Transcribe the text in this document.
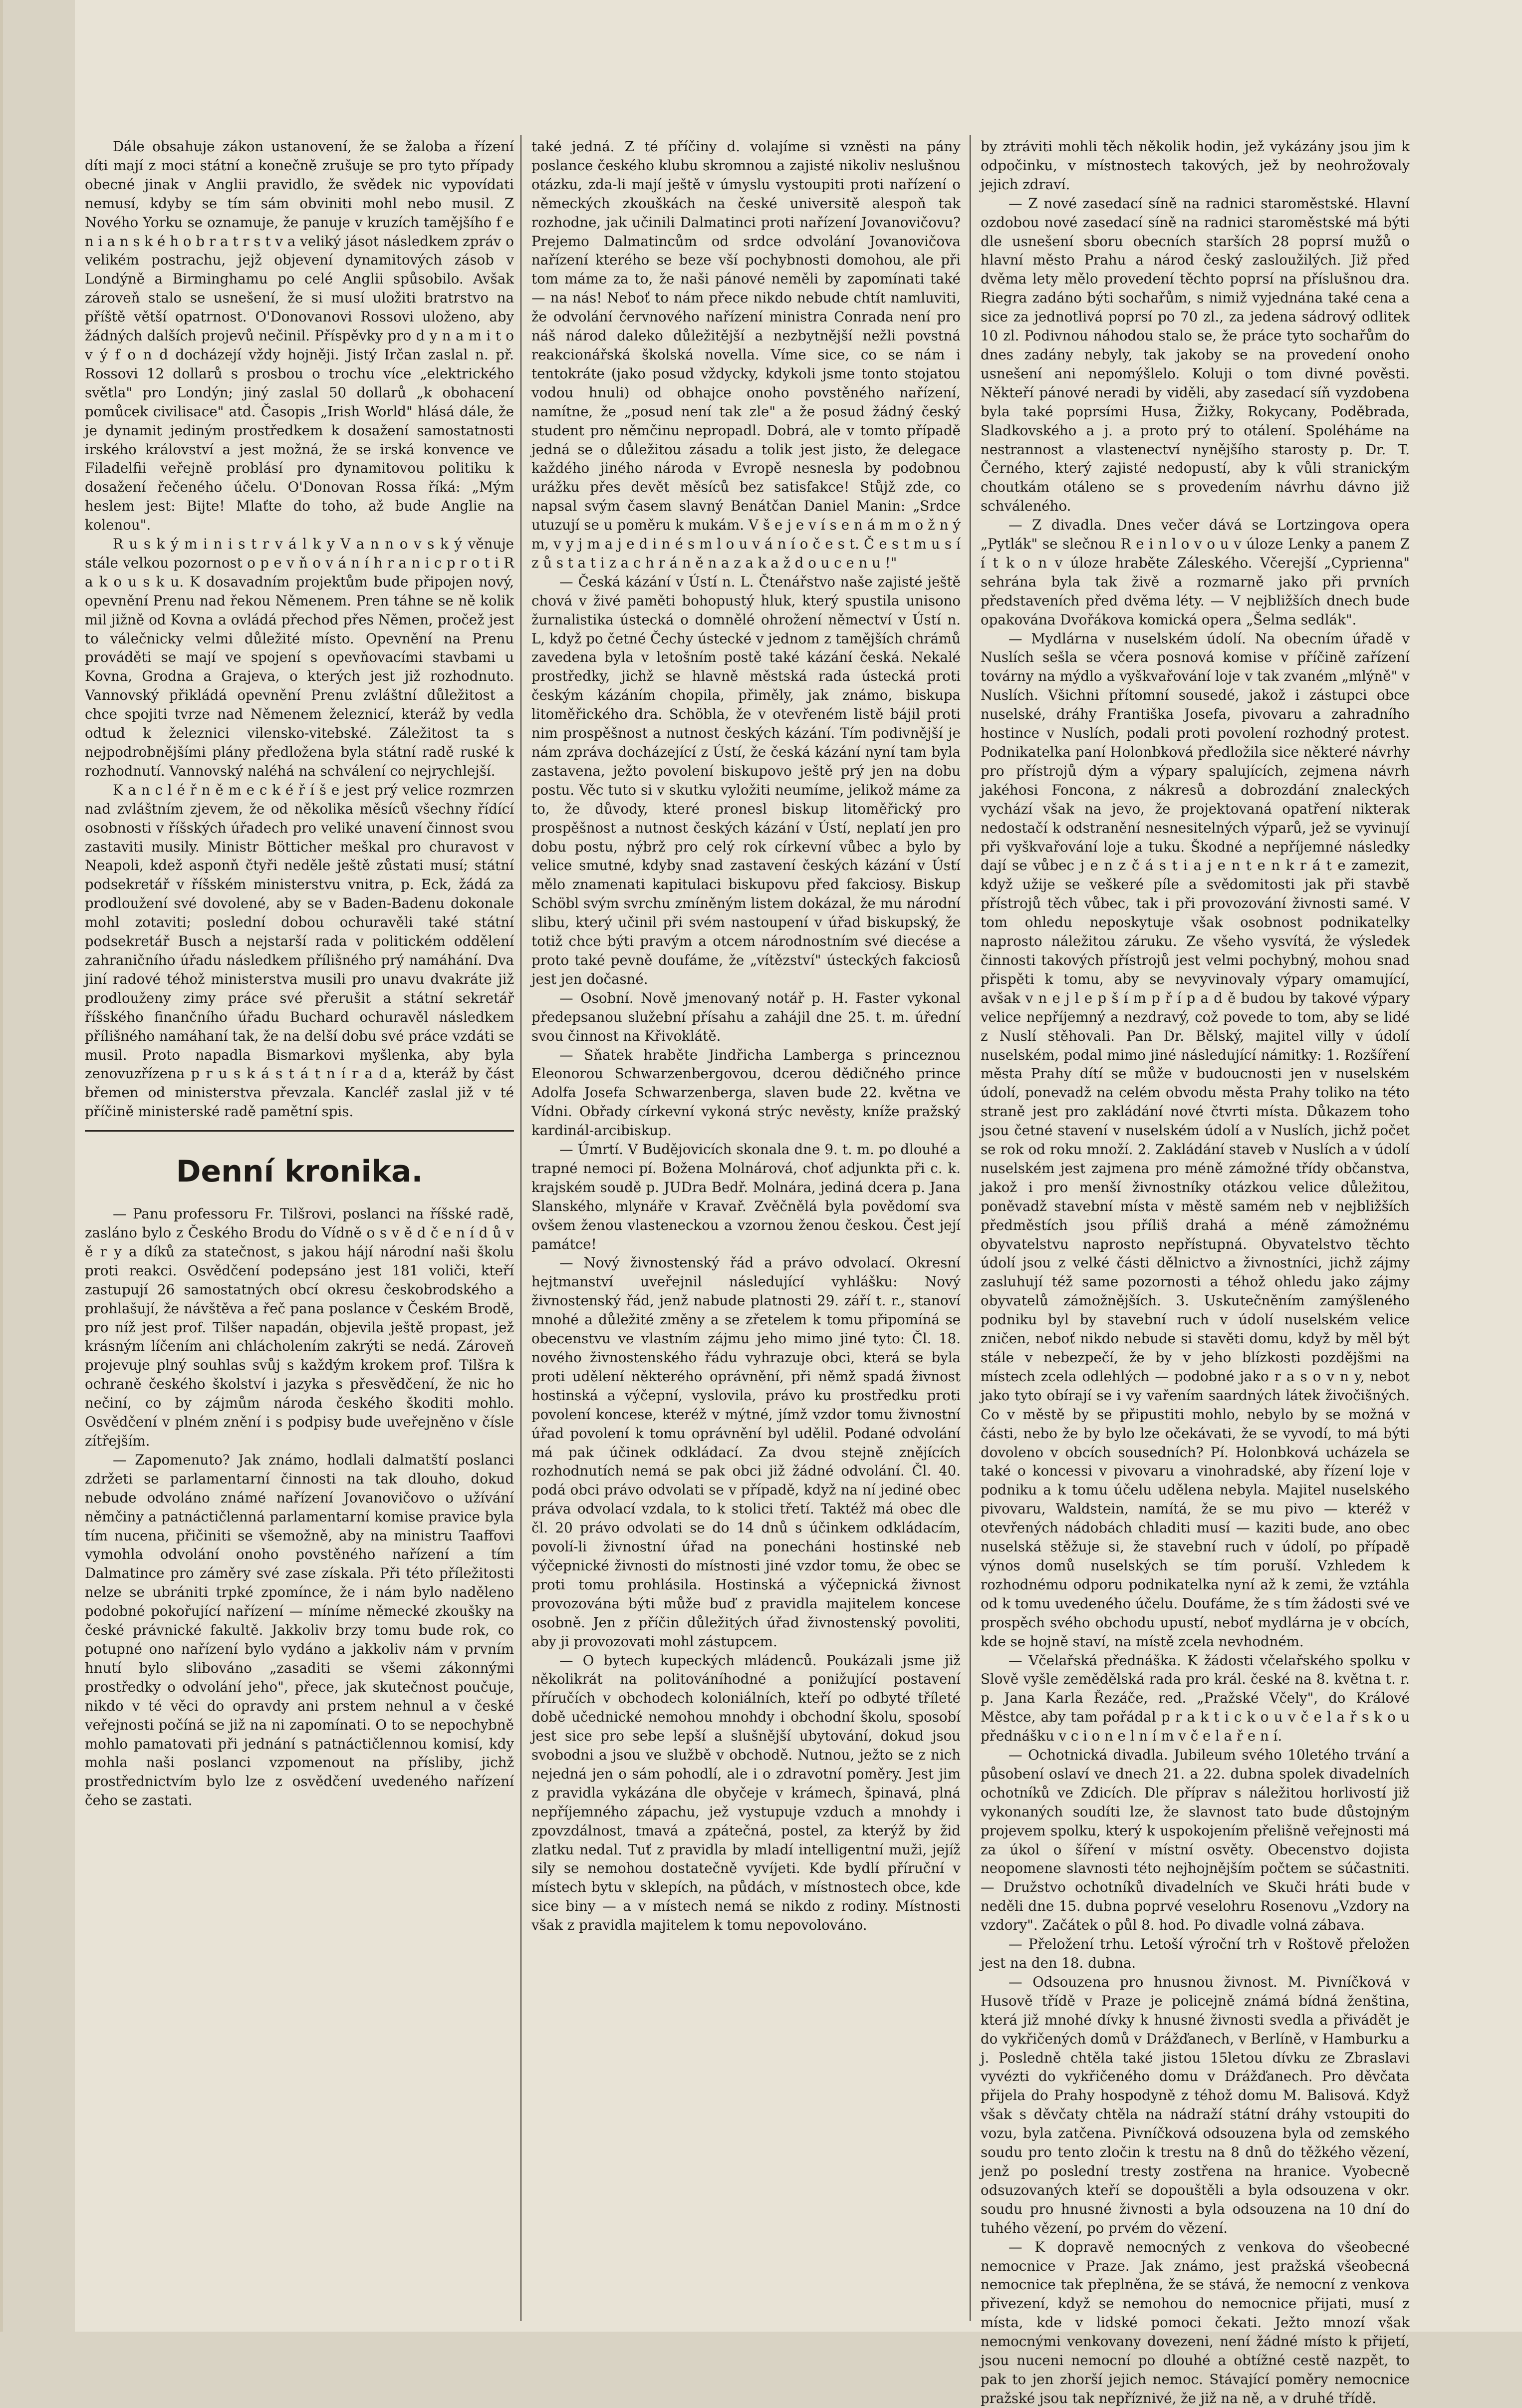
Dále obsahuje zákon ustanovení, že se žaloba a řízení díti mají z moci státní a konečně zrušuje se pro tyto případy obecné jinak v Anglii pravidlo, že svědek nic vypovídati nemusí, kdyby se tím sám obviniti mohl nebo musil. Z Nového Yorku se oznamuje, že panuje v kruzích tamějšího f e n i a n s k é h o b r a t r s t v a veliký jásot následkem zpráv o velikém postrachu, jejž objevení dynamitových zásob v Londýně a Birminghamu po celé Anglii spůsobilo. Avšak zároveň stalo se usnešení, že si musí uložiti bratrstvo na příště větší opatrnost. O'Donovanovi Rossovi uloženo, aby žádných dalších projevů nečinil. Příspěvky pro d y n a m i t o v ý f o n d docházejí vždy hojněji. Jistý Irčan zaslal n. př. Rossovi 12 dollarů s prosbou o trochu více „elektrického světla" pro Londýn; jiný zaslal 50 dollarů „k obohacení pomůcek civilisace" atd. Časopis „Irish World" hlásá dále, že je dynamit jediným prostředkem k dosažení samostatnosti irského království a jest možná, že se irská konvence ve Filadelfii veřejně problásí pro dynamitovou politiku k dosažení řečeného účelu. O'Donovan Rossa říká: „Mým heslem jest: Bijte! Mlaťte do toho, až bude Anglie na kolenou".

R u s k ý m i n i s t r v á l k y V a n n o v s k ý věnuje stále velkou pozornost o p e v ň o v á n í h r a n i c p r o t i R a k o u s k u. K dosavadním projektům bude připojen nový, opevnění Prenu nad řekou Němenem. Pren táhne se ně kolik mil jižně od Kovna a ovládá přechod přes Němen, pročež jest to válečnicky velmi důležité místo. Opevnění na Prenu prováděti se mají ve spojení s opevňovacími stavbami u Kovna, Grodna a Grajeva, o kterých jest již rozhodnuto. Vannovský přikládá opevnění Prenu zvláštní důležitost a chce spojiti tvrze nad Němenem železnicí, kteráž by vedla odtud k železnici vilensko-vitebské. Záležitost ta s nejpodrobnějšími plány předložena byla státní radě ruské k rozhodnutí. Vannovský naléhá na schválení co nejrychlejší.

K a n c l é ř n ě m e c k é ř í š e jest prý velice rozmrzen nad zvláštním zjevem, že od několika měsíců všechny řídící osobnosti v říšských úřadech pro veliké unavení činnost svou zastaviti musily. Ministr Bötticher meškal pro churavost v Neapoli, kdež asponň čtyři neděle ještě zůstati musí; státní podsekretář v říšském ministerstvu vnitra, p. Eck, žádá za prodloužení své dovolené, aby se v Baden-Badenu dokonale mohl zotaviti; poslední dobou ochuravěli také státní podsekretář Busch a nejstarší rada v politickém oddělení zahraničního úřadu následkem přílišného prý namáhání. Dva jiní radové téhož ministerstva musili pro unavu dvakráte již prodlouženy zimy práce své přerušit a státní sekretář říšského finančního úřadu Buchard ochuravěl následkem přílišného namáhaní tak, že na delší dobu své práce vzdáti se musil. Proto napadla Bismarkovi myšlenka, aby byla zenovuzřízena p r u s k á s t á t n í r a d a, kteráž by část břemen od ministerstva převzala. Kancléř zaslal již v té příčině ministerské radě pamětní spis.

Denní kronika.

— Panu professoru Fr. Tilšrovi, poslanci na říšské radě, zasláno bylo z Českého Brodu do Vídně o s v ě d č e n í d ů v ě r y a díků za statečnost, s jakou hájí národní naši školu proti reakci. Osvědčení podepsáno jest 181 voliči, kteří zastupují 26 samostatných obcí okresu českobrodského a prohlašují, že návštěva a řeč pana poslance v Českém Brodě, pro níž jest prof. Tilšer napadán, objevila ještě propast, jež krásným líčením ani chlácholením zakrýti se nedá. Zároveň projevuje plný souhlas svůj s každým krokem prof. Tilšra k ochraně českého školství i jazyka s přesvědčení, že nic ho nečiní, co by zájmům národa českého škoditi mohlo. Osvědčení v plném znění i s podpisy bude uveřejněno v čísle zítřejším.

— Zapomenuto? Jak známo, hodlali dalmatští poslanci zdržeti se parlamentarní činnosti na tak dlouho, dokud nebude odvoláno známé nařízení Jovanovičovo o užívání němčiny a patnáctičlenná parlamentarní komise pravice byla tím nucena, přičiniti se všemožně, aby na ministru Taaffovi vymohla odvolání onoho povstěného nařízení a tím Dalmatince pro záměry své zase získala. Při této příležitosti nelze se ubrániti trpké zpomínce, že i nám bylo naděleno podobné pokořující nařízení — míníme německé zkoušky na české právnické fakultě. Jakkoliv brzy tomu bude rok, co potupné ono nařízení bylo vydáno a jakkoliv nám v prvním hnutí bylo slibováno „zasaditi se všemi zákonnými prostředky o odvolání jeho", přece, jak skutečnost poučuje, nikdo v té věci do opravdy ani prstem nehnul a v české veřejnosti počíná se již na ni zapomínati. O to se nepochybně mohlo pamatovati při jednání s patnáctičlennou komisí, kdy mohla naši poslanci vzpomenout na přísliby, jichž prostřednictvím bylo lze z osvědčení uvedeného nařízení čeho se zastati.

také jedná. Z té příčiny d. volajíme si vzněsti na pány poslance českého klubu skromnou a zajisté nikoliv neslušnou otázku, zda-li mají ještě v úmyslu vystoupiti proti nařízení o německých zkouškách na české universitě alespoň tak rozhodne, jak učinili Dalmatinci proti nařízení Jovanovičovu? Prejemo Dalmatincům od srdce odvolání Jovanovičova nařízení kterého se beze vší pochybnosti domohou, ale při tom máme za to, že naši pánové neměli by zapomínati také — na nás! Neboť to nám přece nikdo nebude chtít namluviti, že odvolání červnového nařízení ministra Conrada není pro náš národ daleko důležitější a nezbytnější nežli povstná reakcionářská školská novella. Víme sice, co se nám i tentokráte (jako posud vždycky, kdykoli jsme tonto stojatou vodou hnuli) od obhajce onoho povstěného nařízení, namítne, že „posud není tak zle" a že posud žádný český student pro němčinu nepropadl. Dobrá, ale v tomto případě jedná se o důležitou zásadu a tolik jest jisto, že delegace každého jiného národa v Evropě nesnesla by podobnou urážku přes devět měsíců bez satisfakce! Stůjž zde, co napsal svým časem slavný Benátčan Daniel Manin: „Srdce utuzují se u poměru k mukám. V š e j e v í s e n á m m o ž n ý m, v y j m a j e d i n é s m l o u v á n í o č e s t. Č e s t m u s í z ů s t a t i z a c h r á n ě n a z a k a ž d o u c e n u !"

— Česká kázání v Ústí n. L. Čtenářstvo naše zajisté ještě chová v živé paměti bohopustý hluk, který spustila unisono žurnalistika ústecká o domnělé ohrožení němectví v Ústí n. L, když po četné Čechy ústecké v jednom z tamějších chrámů zavedena byla v letošním postě také kázání česká. Nekalé prostředky, jichž se hlavně městská rada ústecká proti českým kázáním chopila, přiměly, jak známo, biskupa litoměřického dra. Schöbla, že v otevřeném listě bájil proti nim prospěšnost a nutnost českých kázání. Tím podivnější je nám zpráva docházející z Ústí, že česká kázání nyní tam byla zastavena, ježto povolení biskupovo ještě prý jen na dobu postu. Věc tuto si v skutku vyložiti neumíme, jelikož máme za to, že důvody, které pronesl biskup litoměřický pro prospěšnost a nutnost českých kázání v Ústí, neplatí jen pro dobu postu, nýbrž pro celý rok církevní vůbec a bylo by velice smutné, kdyby snad zastavení českých kázání v Ústí mělo znamenati kapitulaci biskupovu před fakciosy. Biskup Schöbl svým svrchu zmíněným listem dokázal, že mu národní slibu, který učinil při svém nastoupení v úřad biskupský, že totiž chce býti pravým a otcem národnostním své diecése a proto také pevně doufáme, že „vítězství" ústeckých fakciosů jest jen dočasné.

— Osobní. Nově jmenovaný notář p. H. Faster vykonal předepsanou služební přísahu a zahájil dne 25. t. m. úřední svou činnost na Křivoklátě.

— Sňatek hraběte Jindřicha Lamberga s princeznou Eleonorou Schwarzenbergovou, dcerou dědičného prince Adolfa Josefa Schwarzenberga, slaven bude 22. května ve Vídni. Obřady církevní vykoná strýc nevěsty, kníže pražský kardinál-arcibiskup.

— Úmrtí. V Budějovicích skonala dne 9. t. m. po dlouhé a trapné nemoci pí. Božena Molnárová, choť adjunkta při c. k. krajském soudě p. JUDra Bedř. Molnára, jediná dcera p. Jana Slanského, mlynáře v Kravař. Zvěčnělá byla povědomí sva ovšem ženou vlasteneckou a vzornou ženou českou. Čest její památce!

— Nový živnostenský řád a právo odvolací. Okresní hejtmanství uveřejnil následující vyhlášku: Nový živnostenský řád, jenž nabude platnosti 29. září t. r., stanoví mnohé a důležité změny a se zřetelem k tomu připomíná se obecenstvu ve vlastním zájmu jeho mimo jiné tyto: Čl. 18. nového živnostenského řádu vyhrazuje obci, která se byla proti udělení některého oprávnění, při němž spadá živnost hostinská a výčepní, vyslovila, právo ku prostředku proti povolení koncese, kteréž v mýtné, jímž vzdor tomu živnostní úřad povolení k tomu oprávnění byl udělil. Podané odvolání má pak účinek odkládací. Za dvou stejně znějících rozhodnutích nemá se pak obci již žádné odvolání. Čl. 40. podá obci právo odvolati se v případě, když na ní jediné obec práva odvolací vzdala, to k stolici třetí. Taktéž má obec dle čl. 20 právo odvolati se do 14 dnů s účinkem odkládacím, povolí-li živnostní úřad na ponecháni hostinské neb výčepnické živnosti do místnosti jiné vzdor tomu, že obec se proti tomu prohlásila. Hostinská a výčepnická živnost provozována býti může buď z pravidla majitelem koncese osobně. Jen z příčin důležitých úřad živnostenský povoliti, aby ji provozovati mohl zástupcem.

— O bytech kupeckých mládenců. Poukázali jsme již několikrát na politováníhodné a ponižující postavení příručích v obchodech koloniálních, kteří po odbyté tříleté době učednické nemohou mnohdy i obchodní školu, sposobí jest sice pro sebe lepší a slušnější ubytování, dokud jsou svobodni a jsou ve službě v obchodě. Nutnou, ježto se z nich nejedná jen o sám pohodlí, ale i o zdravotní poměry. Jest jim z pravidla vykázána dle obyčeje v krámech, špinavá, plná nepříjemného zápachu, jež vystupuje vzduch a mnohdy i zpovzdálnost, tmavá a zpátečná, postel, za kterýž by žid zlatku nedal. Tuť z pravidla by mladí intelligentní muži, jejíž sily se nemohou dostatečně vyvíjeti. Kde bydlí příruční v místech bytu v sklepích, na půdách, v místnostech obce, kde sice biny — a v místech nemá se nikdo z rodiny. Místnosti však z pravidla majitelem k tomu nepovolováno.

by ztráviti mohli těch několik hodin, jež vykázány jsou jim k odpočinku, v místnostech takových, jež by neohrožovaly jejich zdraví.

— Z nové zasedací síně na radnici staroměstské. Hlavní ozdobou nové zasedací síně na radnici staroměstské má býti dle usnešení sboru obecních starších 28 poprsí mužů o hlavní město Prahu a národ český zasloužilých. Již před dvěma lety mělo provedení těchto poprsí na příslušnou dra. Riegra zadáno býti sochařům, s nimiž vyjednána také cena a sice za jednotlivá poprsí po 70 zl., za jedena sádrový odlitek 10 zl. Podivnou náhodou stalo se, že práce tyto sochařům do dnes zadány nebyly, tak jakoby se na provedení onoho usnešení ani nepomýšlelo. Koluji o tom divné pověsti. Někteří pánové neradi by viděli, aby zasedací síň vyzdobena byla také poprsími Husa, Žižky, Rokycany, Poděbrada, Sladkovského a j. a proto prý to otálení. Spoléháme na nestrannost a vlastenectví nynějšího starosty p. Dr. T. Černého, který zajisté nedopustí, aby k vůli stranickým choutkám otáleno se s provedením návrhu dávno již schváleného.

— Z divadla. Dnes večer dává se Lortzingova opera „Pytlák" se slečnou R e i n l o v o u v úloze Lenky a panem Z í t k o n v úloze hraběte Záleského. Včerejší „Cyprienna" sehrána byla tak živě a rozmarně jako při prvních představeních před dvěma léty. — V nejbližších dnech bude opakována Dvořákova komická opera „Šelma sedlák".

— Mydlárna v nuselském údolí. Na obecním úřadě v Nuslích sešla se včera posnová komise v příčině zařízení továrny na mýdlo a vyškvařování loje v tak zvaném „mlýně" v Nuslích. Všichni přítomní sousedé, jakož i zástupci obce nuselské, dráhy Františka Josefa, pivovaru a zahradního hostince v Nuslích, podali proti povolení rozhodný protest. Podnikatelka paní Holonbková předložila sice některé návrhy pro přístrojů dým a výpary spalujících, zejmena návrh jakéhosi Foncona, z nákresů a dobrozdání znaleckých vychází však na jevo, že projektovaná opatření nikterak nedostačí k odstranění nesnesitelných výparů, jež se vyvinují při vyškvařování loje a tuku. Škodné a nepříjemné následky dají se vůbec j e n z č á s t i a j e n t e n k r á t e zamezit, když užije se veškeré píle a svědomitosti jak při stavbě přístrojů těch vůbec, tak i při provozování živnosti samé. V tom ohledu neposkytuje však osobnost podnikatelky naprosto náležitou záruku. Ze všeho vysvítá, že výsledek činnosti takových přístrojů jest velmi pochybný, mohou snad přispěti k tomu, aby se nevyvinovaly výpary omamující, avšak v n e j l e p š í m p ř í p a d ě budou by takové výpary velice nepříjemný a nezdravý, což povede to tom, aby se lidé z Nuslí stěhovali. Pan Dr. Bělský, majitel villy v údolí nuselském, podal mimo jiné následující námitky: 1. Rozšíření města Prahy dítí se může v budoucnosti jen v nuselském údolí, ponevadž na celém obvodu města Prahy toliko na této straně jest pro zakládání nové čtvrti místa. Důkazem toho jsou četné stavení v nuselském údolí a v Nuslích, jichž počet se rok od roku množí. 2. Zakládání staveb v Nuslích a v údolí nuselském jest zajmena pro méně zámožné třídy občanstva, jakož i pro menší živnostníky otázkou velice důležitou, poněvadž stavební místa v městě samém neb v nejbližších předměstích jsou příliš drahá a méně zámožnému obyvatelstvu naprosto nepřístupná. Obyvatelstvo těchto údolí jsou z velké části dělnictvo a živnostníci, jichž zájmy zasluhují též same pozornosti a téhož ohledu jako zájmy obyvatelů zámožnějších. 3. Uskutečněním zamýšleného podniku byl by stavební ruch v údolí nuselském velice zničen, neboť nikdo nebude si stavěti domu, když by měl být stále v nebezpečí, že by v jeho blízkosti pozdějšmi na místech zcela odlehlých — podobné jako r a s o v n y, nebot jako tyto obírají se i vy vařením saardných látek živočišných. Co v městě by se připustiti mohlo, nebylo by se možná v části, nebo že by bylo lze očekávati, že se vyvodí, to má býti dovoleno v obcích sousedních? Pí. Holonbková ucházela se také o koncessi v pivovaru a vinohradské, aby řízení loje v podniku a k tomu účelu udělena nebyla. Majitel nuselského pivovaru, Waldstein, namítá, že se mu pivo — kteréž v otevřených nádobách chladiti musí — kaziti bude, ano obec nuselská stěžuje si, že stavební ruch v údolí, po případě výnos domů nuselských se tím poruší. Vzhledem k rozhodnému odporu podnikatelka nyní až k zemi, že vztáhla od k tomu uvedeného účelu. Doufáme, že s tím žádosti své ve prospěch svého obchodu upustí, neboť mydlárna je v obcích, kde se hojně staví, na místě zcela nevhodném.

— Včelařská přednáška. K žádosti včelařského spolku v Slově vyšle zemědělská rada pro král. české na 8. května t. r. p. Jana Karla Řezáče, red. „Pražské Včely", do Králové Městce, aby tam pořádal p r a k t i c k o u v č e l a ř s k o u přednášku v c i o n e l n í m v č e l a ř e n í.

— Ochotnická divadla. Jubileum svého 10letého trvání a působení oslaví ve dnech 21. a 22. dubna spolek divadelních ochotníků ve Zdicích. Dle příprav s náležitou horlivostí již vykonaných soudíti lze, že slavnost tato bude důstojným projevem spolku, který k uspokojením přelišně veřejnosti má za úkol o šíření v místní osvěty. Obecenstvo dojista neopomene slavnosti této nejhojnějším počtem se súčastniti. — Družstvo ochotníků divadelních ve Skuči hráti bude v neděli dne 15. dubna poprvé veselohru Rosenovu „Vzdory na vzdory". Začátek o půl 8. hod. Po divadle volná zábava.

— Přeložení trhu. Letoší výroční trh v Roštově přeložen jest na den 18. dubna.

— Odsouzena pro hnusnou živnost. M. Pivníčková v Husově třídě v Praze je policejně známá bídná ženština, která již mnohé dívky k hnusné živnosti svedla a přivádět je do vykřičených domů v Drážďanech, v Berlíně, v Hamburku a j. Posledně chtěla také jistou 15letou dívku ze Zbraslavi vyvézti do vykřičeného domu v Drážďanech. Pro děvčata přijela do Prahy hospodyně z téhož domu M. Balisová. Když však s děvčaty chtěla na nádraží státní dráhy vstoupiti do vozu, byla zatčena. Pivníčková odsouzena byla od zemského soudu pro tento zločin k trestu na 8 dnů do těžkého vězení, jenž po poslední tresty zostřena na hranice. Vyobecně odsuzovaných kteří se dopouštěli a byla odsouzena v okr. soudu pro hnusné živnosti a byla odsouzena na 10 dní do tuhého vězení, po prvém do vězení.

— K dopravě nemocných z venkova do všeobecné nemocnice v Praze. Jak známo, jest pražská všeobecná nemocnice tak přeplněna, že se stává, že nemocní z venkova přivezení, když se nemohou do nemocnice přijati, musí z místa, kde v lidské pomoci čekati. Ježto mnozí však nemocnými venkovany dovezeni, není žádné místo k přijetí, jsou nuceni nemocní po dlouhé a obtížné cestě nazpět, to pak to jen zhorší jejich nemoc. Stávající poměry nemocnice pražské jsou tak nepříznivé, že již na ně, a v druhé třídě.
